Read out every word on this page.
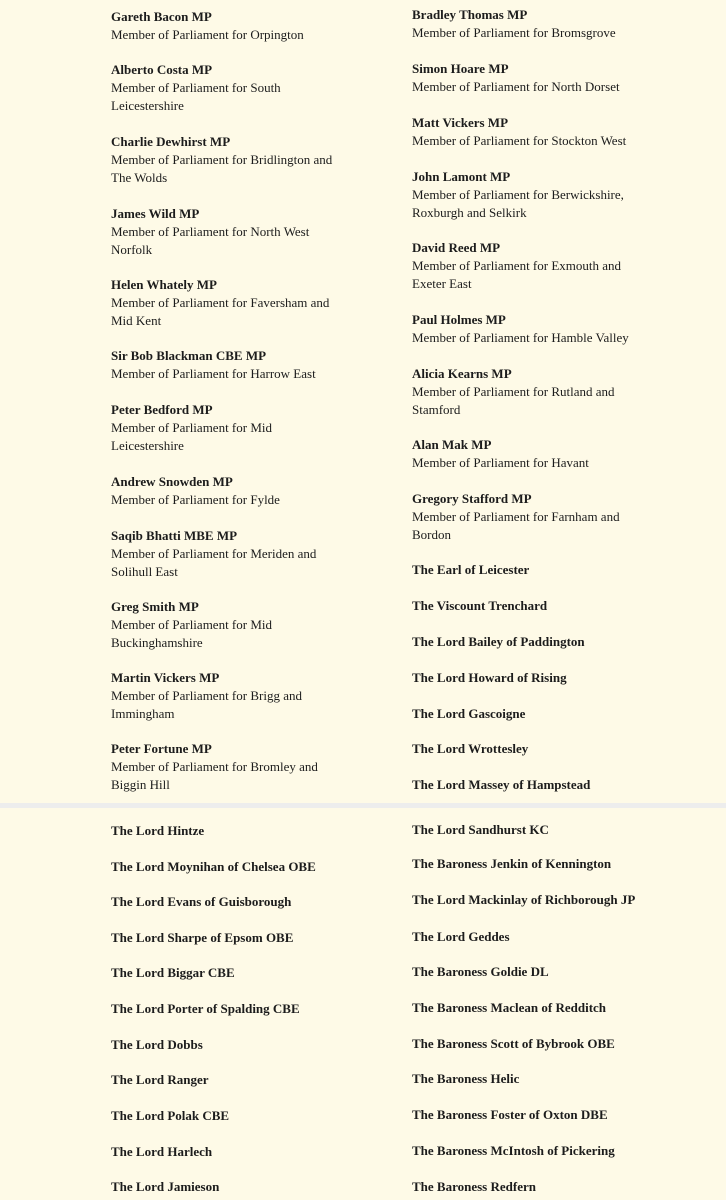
Gareth Bacon MP
Member of Parliament for Orpington
Alberto Costa MP
Member of Parliament for South Leicestershire
Charlie Dewhirst MP
Member of Parliament for Bridlington and The Wolds
James Wild MP
Member of Parliament for North West Norfolk
Helen Whately MP
Member of Parliament for Faversham and Mid Kent
Sir Bob Blackman CBE MP
Member of Parliament for Harrow East
Peter Bedford MP
Member of Parliament for Mid Leicestershire
Andrew Snowden MP
Member of Parliament for Fylde
Saqib Bhatti MBE MP
Member of Parliament for Meriden and Solihull East
Greg Smith MP
Member of Parliament for Mid Buckinghamshire
Martin Vickers MP
Member of Parliament for Brigg and Immingham
Peter Fortune MP
Member of Parliament for Bromley and Biggin Hill
Bradley Thomas MP
Member of Parliament for Bromsgrove
Simon Hoare MP
Member of Parliament for North Dorset
Matt Vickers MP
Member of Parliament for Stockton West
John Lamont MP
Member of Parliament for Berwickshire, Roxburgh and Selkirk
David Reed MP
Member of Parliament for Exmouth and Exeter East
Paul Holmes MP
Member of Parliament for Hamble Valley
Alicia Kearns MP
Member of Parliament for Rutland and Stamford
Alan Mak MP
Member of Parliament for Havant
Gregory Stafford MP
Member of Parliament for Farnham and Bordon
The Earl of Leicester
The Viscount Trenchard
The Lord Bailey of Paddington
The Lord Howard of Rising
The Lord Gascoigne
The Lord Wrottesley
The Lord Massey of Hampstead
The Lord Hintze
The Lord Moynihan of Chelsea OBE
The Lord Evans of Guisborough
The Lord Sharpe of Epsom OBE
The Lord Biggar CBE
The Lord Porter of Spalding CBE
The Lord Dobbs
The Lord Ranger
The Lord Polak CBE
The Lord Harlech
The Lord Jamieson
The Lord Sandhurst KC
The Baroness Jenkin of Kennington
The Lord Mackinlay of Richborough JP
The Lord Geddes
The Baroness Goldie DL
The Baroness Maclean of Redditch
The Baroness Scott of Bybrook OBE
The Baroness Helic
The Baroness Foster of Oxton DBE
The Baroness McIntosh of Pickering
The Baroness Redfern
